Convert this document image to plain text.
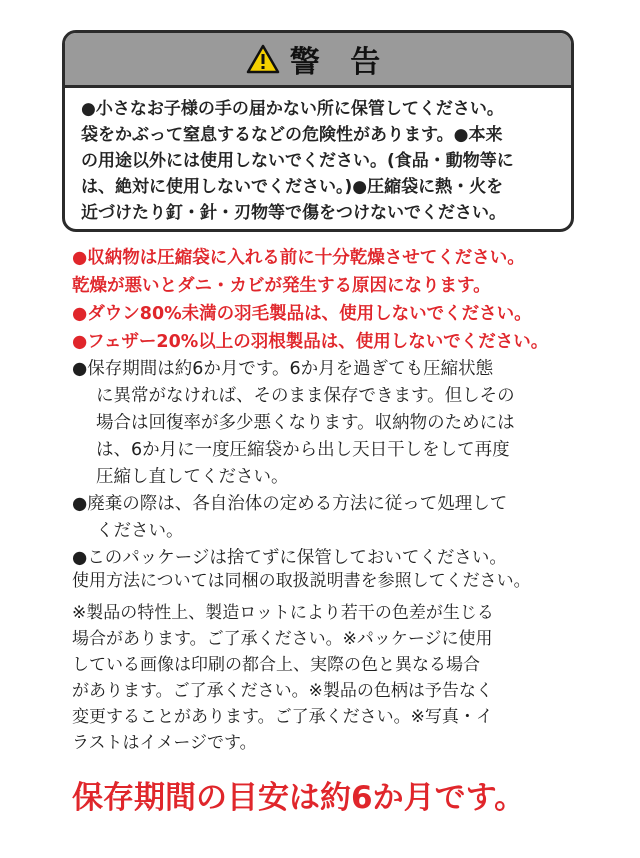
警 告
●小さなお子様の手の届かない所に保管してください。
袋をかぶって窒息するなどの危険性があります。●本来
の用途以外には使用しないでください。(食品・動物等に
は、絶対に使用しないでください。)●圧縮袋に熱・火を
近づけたり釘・針・刃物等で傷をつけないでください。
●収納物は圧縮袋に入れる前に十分乾燥させてください。
乾燥が悪いとダニ・カビが発生する原因になります。
●ダウン80%未満の羽毛製品は、使用しないでください。
●フェザー20%以上の羽根製品は、使用しないでください。
●保存期間は約6か月です。6か月を過ぎても圧縮状態
に異常がなければ、そのまま保存できます。但しその
場合は回復率が多少悪くなります。収納物のためには
は、6か月に一度圧縮袋から出し天日干しをして再度
圧縮し直してください。
●廃棄の際は、各自治体の定める方法に従って処理して
ください。
●このパッケージは捨てずに保管しておいてください。
使用方法については同梱の取扱説明書を参照してください。
※製品の特性上、製造ロットにより若干の色差が生じる
場合があります。ご了承ください。※パッケージに使用
している画像は印刷の都合上、実際の色と異なる場合
があります。ご了承ください。※製品の色柄は予告なく
変更することがあります。ご了承ください。※写真・イ
ラストはイメージです。
保存期間の目安は約6か月です。
